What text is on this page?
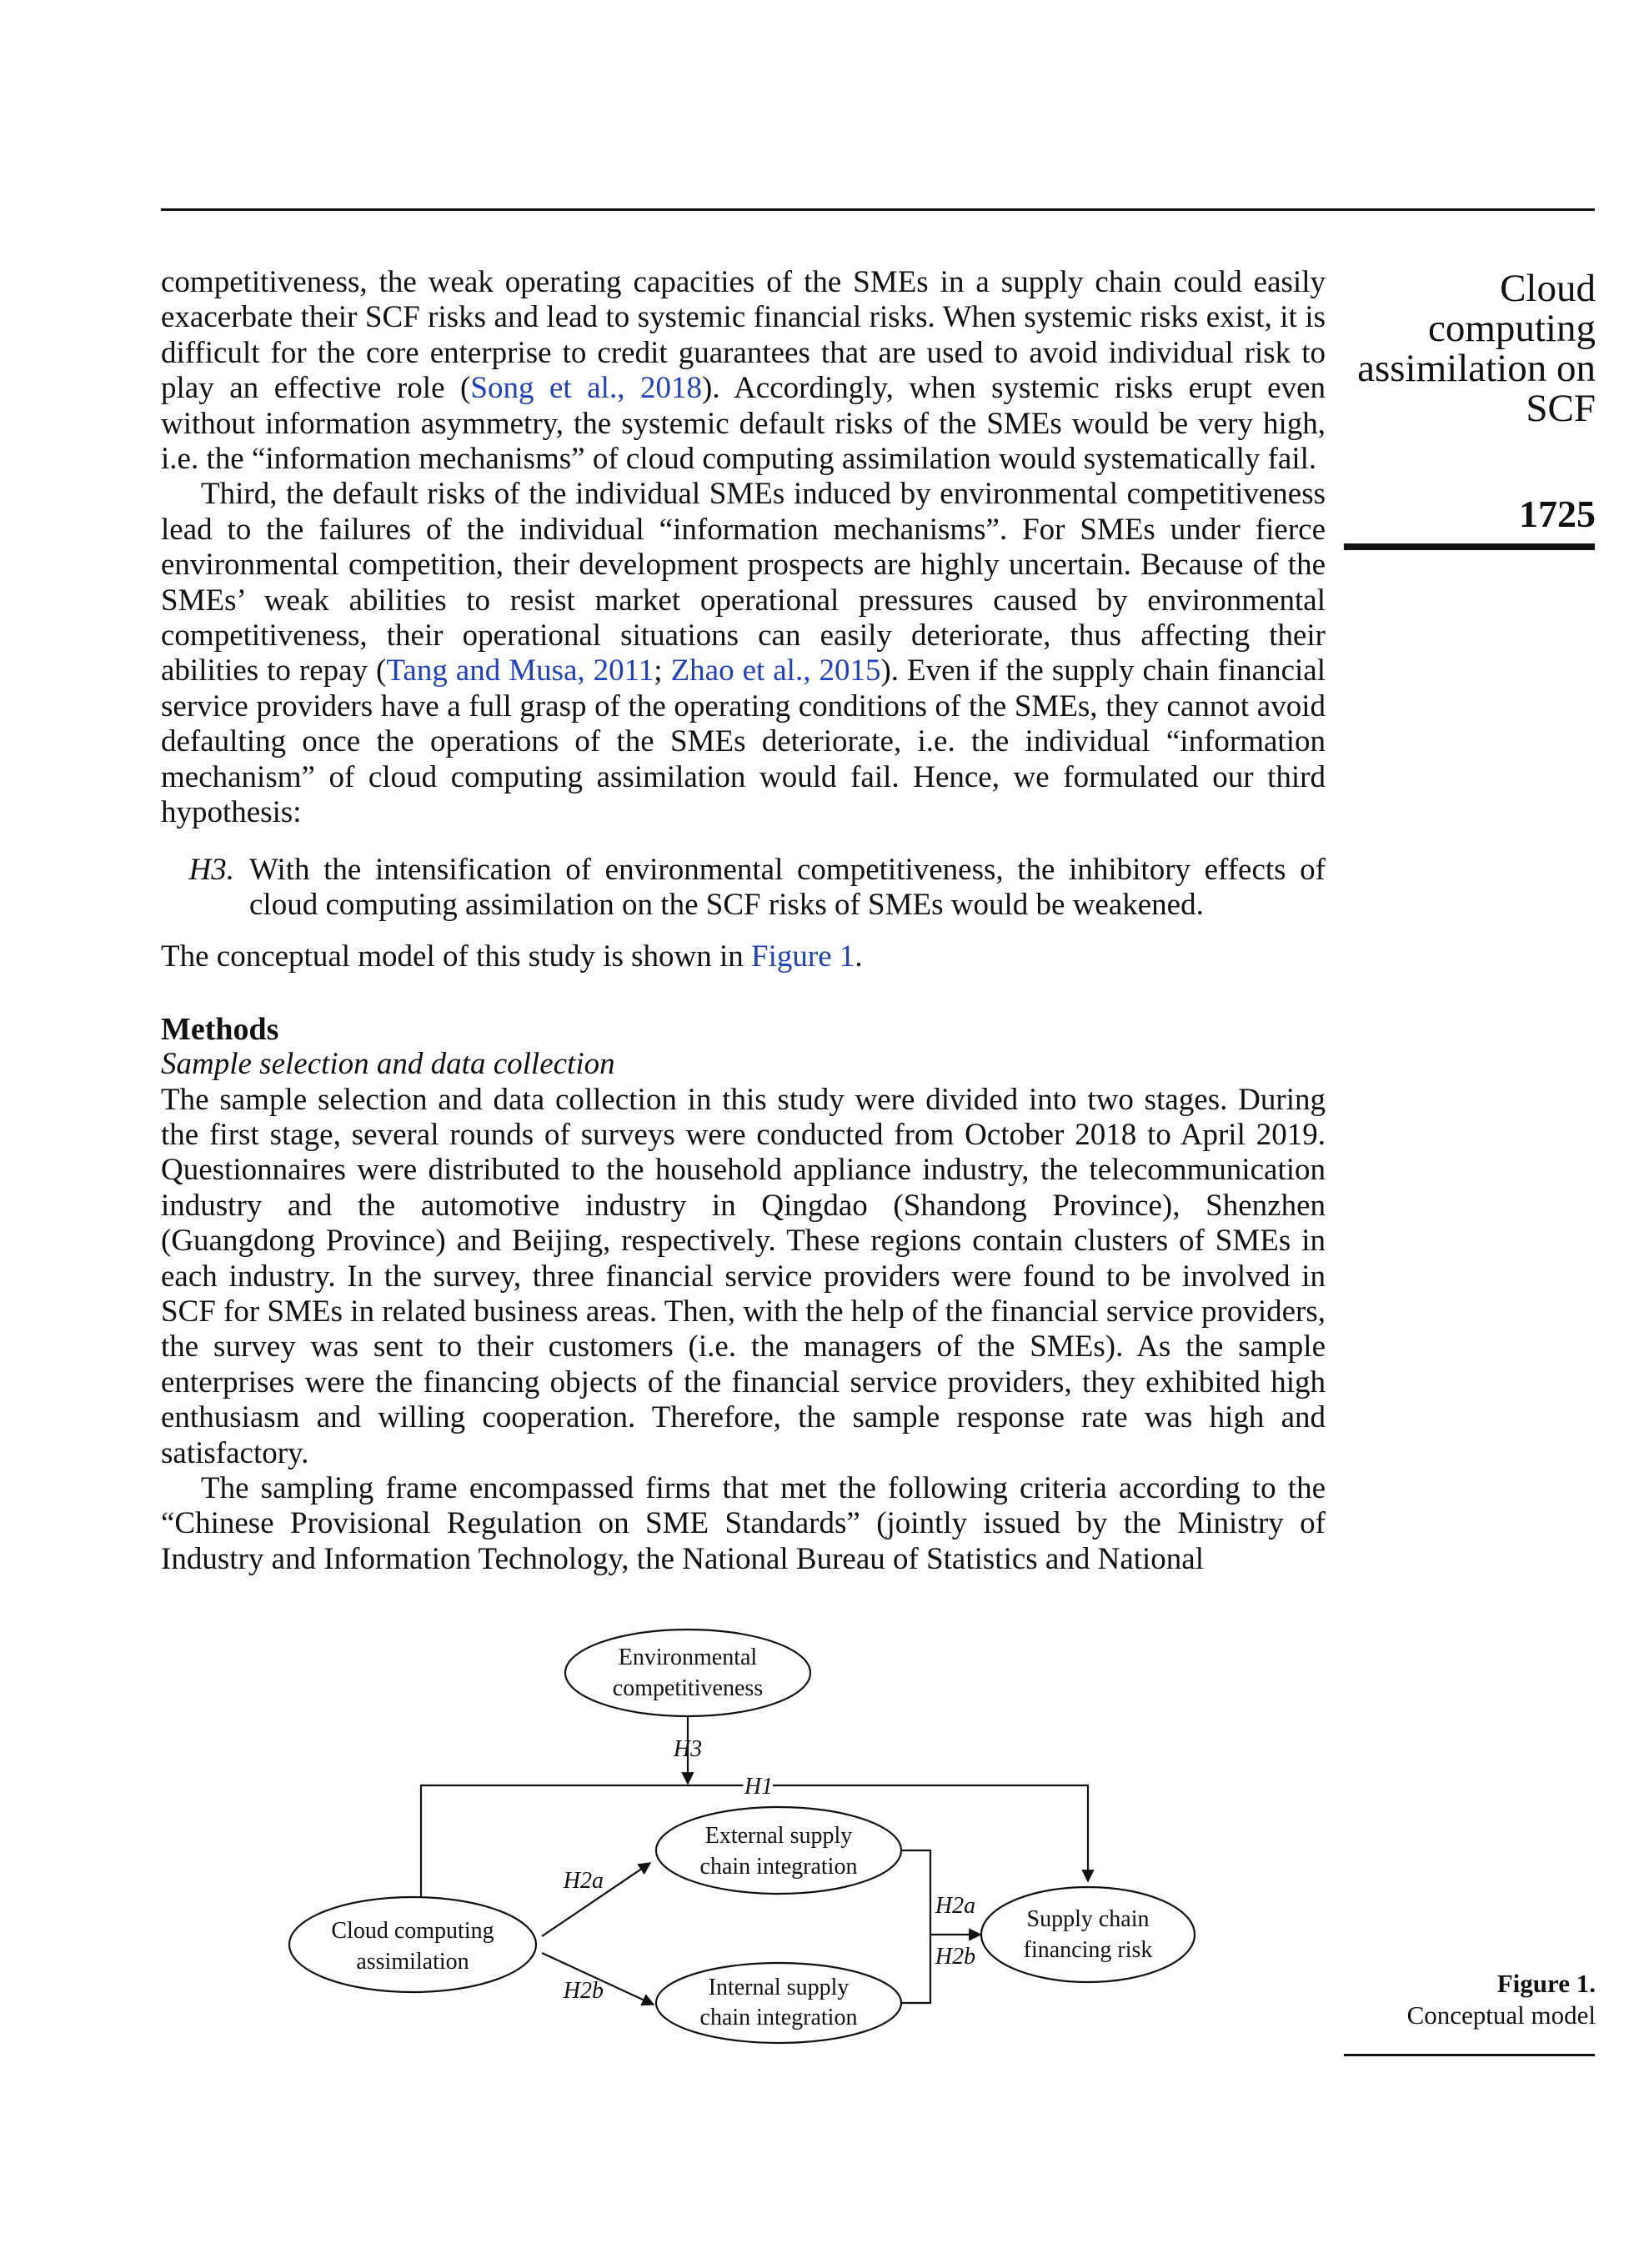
competitiveness, the weak operating capacities of the SMEs in a supply chain could easily exacerbate their SCF risks and lead to systemic financial risks. When systemic risks exist, it is difficult for the core enterprise to credit guarantees that are used to avoid individual risk to play an effective role (Song et al., 2018). Accordingly, when systemic risks erupt even without information asymmetry, the systemic default risks of the SMEs would be very high, i.e. the “information mechanisms” of cloud computing assimilation would systematically fail.

Third, the default risks of the individual SMEs induced by environmental competitiveness lead to the failures of the individual “information mechanisms”. For SMEs under fierce environmental competition, their development prospects are highly uncertain. Because of the SMEs’ weak abilities to resist market operational pressures caused by environmental competitiveness, their operational situations can easily deteriorate, thus affecting their abilities to repay (Tang and Musa, 2011; Zhao et al., 2015). Even if the supply chain financial service providers have a full grasp of the operating conditions of the SMEs, they cannot avoid defaulting once the operations of the SMEs deteriorate, i.e. the individual “information mechanism” of cloud computing assimilation would fail. Hence, we formulated our third hypothesis:

H3. With the intensification of environmental competitiveness, the inhibitory effects of cloud computing assimilation on the SCF risks of SMEs would be weakened.

The conceptual model of this study is shown in Figure 1.

Methods

Sample selection and data collection

The sample selection and data collection in this study were divided into two stages. During the first stage, several rounds of surveys were conducted from October 2018 to April 2019. Questionnaires were distributed to the household appliance industry, the telecommunication industry and the automotive industry in Qingdao (Shandong Province), Shenzhen (Guangdong Province) and Beijing, respectively. These regions contain clusters of SMEs in each industry. In the survey, three financial service providers were found to be involved in SCF for SMEs in related business areas. Then, with the help of the financial service providers, the survey was sent to their customers (i.e. the managers of the SMEs). As the sample enterprises were the financing objects of the financial service providers, they exhibited high enthusiasm and willing cooperation. Therefore, the sample response rate was high and satisfactory.

The sampling frame encompassed firms that met the following criteria according to the “Chinese Provisional Regulation on SME Standards” (jointly issued by the Ministry of Industry and Information Technology, the National Bureau of Statistics and National

Cloud
computing
assimilation on
SCF
1725
Environmental
competitiveness
Cloud computing
assimilation
External supply
chain integration
Internal supply
chain integration
Supply chain
financing risk
H3
H1
H2a
H2b
H2a
H2b
Figure 1.
Conceptual model
